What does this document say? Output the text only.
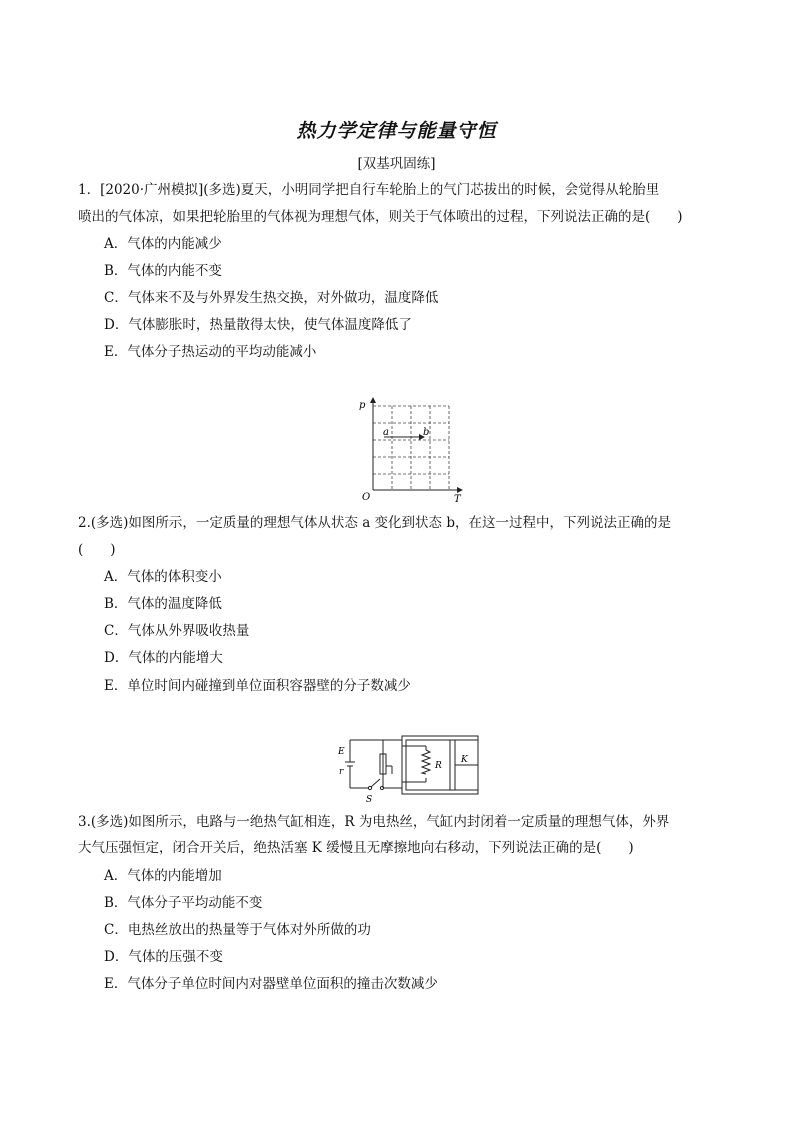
热力学定律与能量守恒
[双基巩固练]
1．[2020·广州模拟](多选)夏天，小明同学把自行车轮胎上的气门芯拔出的时候，会觉得从轮胎里
喷出的气体凉，如果把轮胎里的气体视为理想气体，则关于气体喷出的过程，下列说法正确的是(　　)
A．气体的内能减少
B．气体的内能不变
C．气体来不及与外界发生热交换，对外做功，温度降低
D．气体膨胀时，热量散得太快，使气体温度降低了
E．气体分子热运动的平均动能减小
p
O	T
a	b
2.(多选)如图所示，一定质量的理想气体从状态 a 变化到状态 b，在这一过程中，下列说法正确的是
(　　)
A．气体的体积变小
B．气体的温度降低
C．气体从外界吸收热量
D．气体的内能增大
E．单位时间内碰撞到单位面积容器壁的分子数减少
E
r
S
R
K
3.(多选)如图所示，电路与一绝热气缸相连，R 为电热丝，气缸内封闭着一定质量的理想气体，外界
大气压强恒定，闭合开关后，绝热活塞 K 缓慢且无摩擦地向右移动，下列说法正确的是(　　)
A．气体的内能增加
B．气体分子平均动能不变
C．电热丝放出的热量等于气体对外所做的功
D．气体的压强不变
E．气体分子单位时间内对器壁单位面积的撞击次数减少
